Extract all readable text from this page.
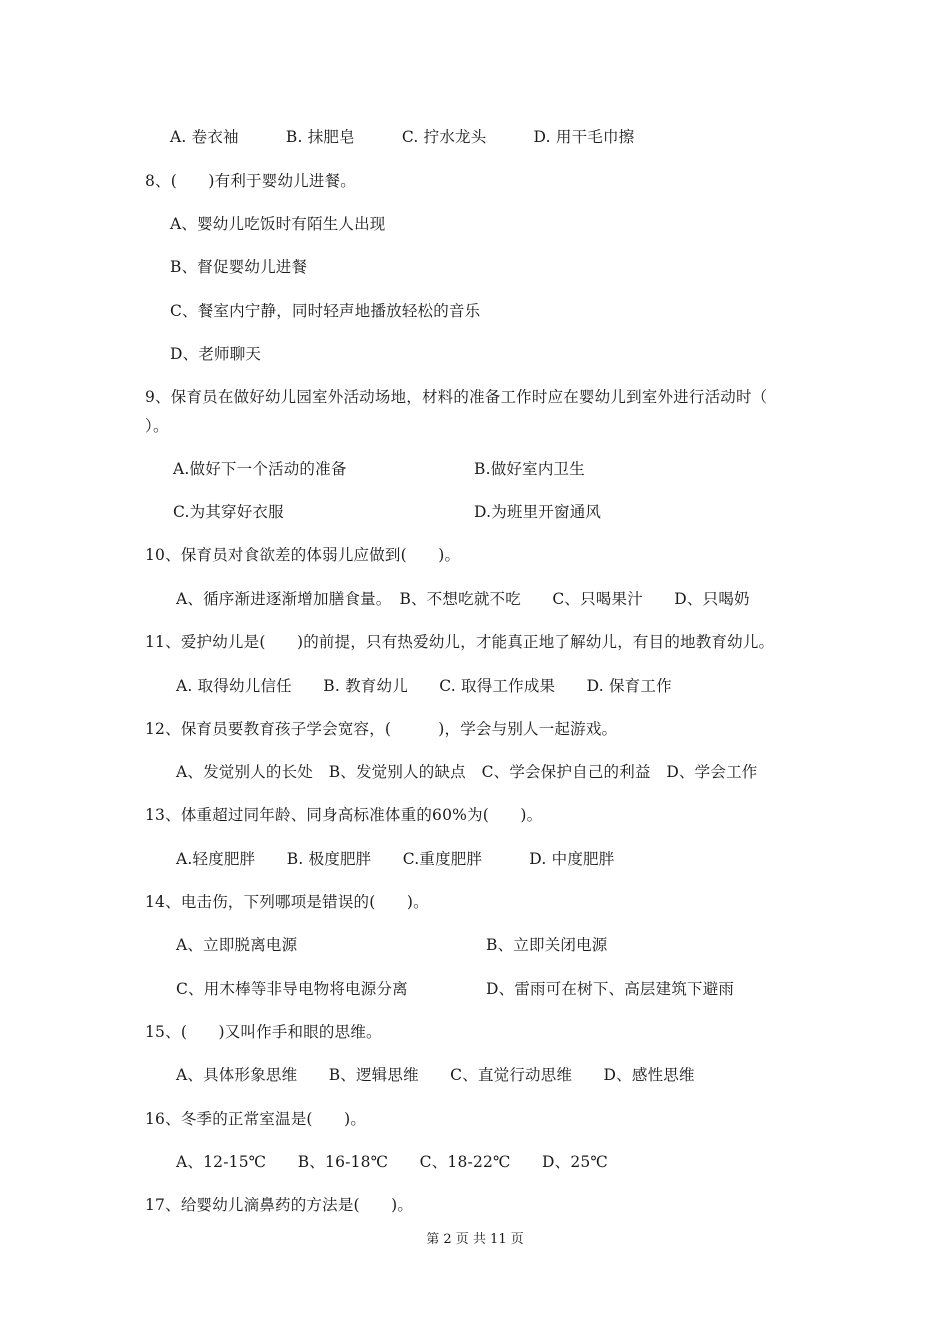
A. 卷衣袖　　　B. 抹肥皂　　　C. 拧水龙头　　　D. 用干毛巾擦
8、(　　)有利于婴幼儿进餐。
A、婴幼儿吃饭时有陌生人出现
B、督促婴幼儿进餐
C、餐室内宁静，同时轻声地播放轻松的音乐
D、老师聊天
9、保育员在做好幼儿园室外活动场地，材料的准备工作时应在婴幼儿到室外进行活动时（
）。
A.做好下一个活动的准备	B.做好室内卫生
C.为其穿好衣服	D.为班里开窗通风
10、保育员对食欲差的体弱儿应做到(　　)。
A、循序渐进逐渐增加膳食量。　B、不想吃就不吃　　C、只喝果汁　　D、只喝奶
11、爱护幼儿是(　　)的前提，只有热爱幼儿，才能真正地了解幼儿，有目的地教育幼儿。
A. 取得幼儿信任　　B. 教育幼儿　　C. 取得工作成果　　D. 保育工作
12、保育员要教育孩子学会宽容，(　　　)，学会与别人一起游戏。
A、发觉别人的长处　B、发觉别人的缺点　C、学会保护自己的利益　D、学会工作
13、体重超过同年龄、同身高标准体重的60%为(　　)。
A.轻度肥胖　　B. 极度肥胖　　C.重度肥胖　　　D. 中度肥胖
14、电击伤，下列哪项是错误的(　　)。
A、立即脱离电源	B、立即关闭电源
C、用木棒等非导电物将电源分离	D、雷雨可在树下、高层建筑下避雨
15、(　　)又叫作手和眼的思维。
A、具体形象思维　　B、逻辑思维　　C、直觉行动思维　　D、感性思维
16、冬季的正常室温是(　　)。
A、12-15℃　　B、16-18℃　　C、18-22℃　　D、25℃
17、给婴幼儿滴鼻药的方法是(　　)。
第 2 页 共 11 页
